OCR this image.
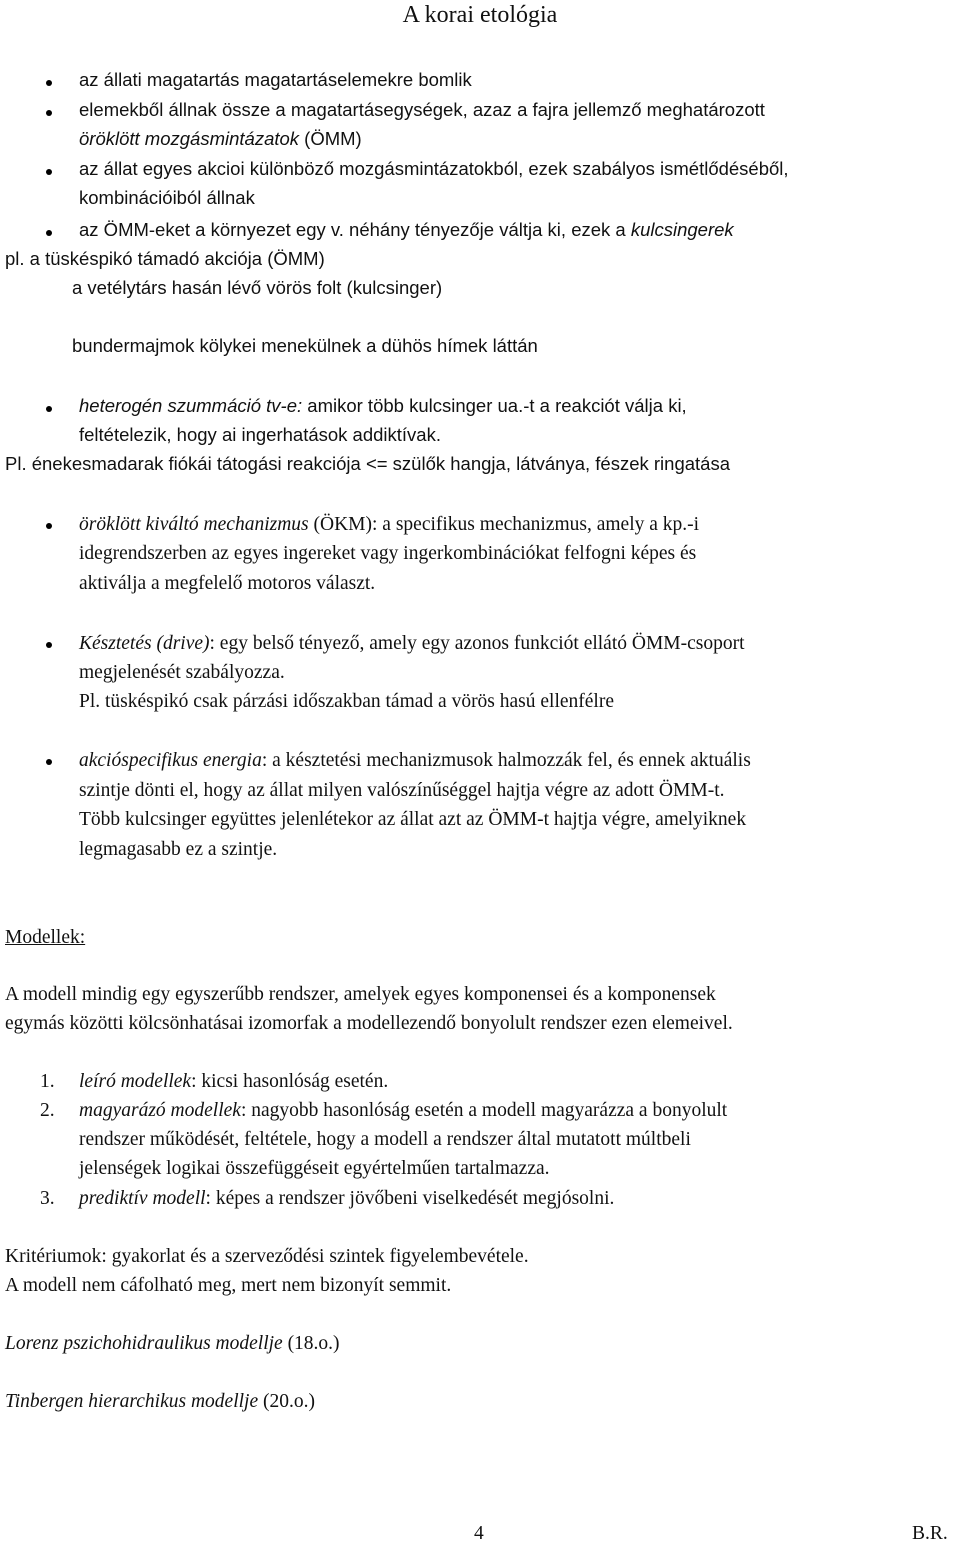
A korai etológia
az állati magatartás magatartáselemekre bomlik
elemekből állnak össze a magatartásegységek, azaz a fajra jellemző meghatározott
öröklött mozgásmintázatok (ÖMM)
az állat egyes akcioi különböző mozgásmintázatokból, ezek szabályos ismétlődéséből,
kombinációiból állnak
az ÖMM-eket a környezet egy v. néhány tényezője váltja ki, ezek a kulcsingerek
pl. a tüskéspikó támadó akciója (ÖMM)
a vetélytárs hasán lévő vörös folt (kulcsinger)
bundermajmok kölykei menekülnek a dühös hímek láttán
heterogén szummáció tv-e: amikor több kulcsinger ua.-t a reakciót válja ki,
feltételezik, hogy ai ingerhatások addiktívak.
Pl. énekesmadarak fiókái tátogási reakciója <= szülők hangja, látványa, fészek ringatása
öröklött kiváltó mechanizmus (ÖKM): a specifikus mechanizmus, amely a kp.-i
idegrendszerben az egyes ingereket vagy ingerkombinációkat felfogni képes és
aktiválja a megfelelő motoros választ.
Késztetés (drive): egy belső tényező, amely egy azonos funkciót ellátó ÖMM-csoport
megjelenését szabályozza.
Pl. tüskéspikó csak párzási időszakban támad a vörös hasú ellenfélre
akcióspecifikus energia: a késztetési mechanizmusok halmozzák fel, és ennek aktuális
szintje dönti el, hogy az állat milyen valószínűséggel hajtja végre az adott ÖMM-t.
Több kulcsinger együttes jelenlétekor az állat azt az ÖMM-t hajtja végre, amelyiknek
legmagasabb ez a szintje.
Modellek:
A modell mindig egy egyszerűbb rendszer, amelyek egyes komponensei és a komponensek
egymás közötti kölcsönhatásai izomorfak a modellezendő bonyolult rendszer ezen elemeivel.
1. leíró modellek: kicsi hasonlóság esetén.
2. magyarázó modellek: nagyobb hasonlóság esetén a modell magyarázza a bonyolult
rendszer működését, feltétele, hogy a modell a rendszer által mutatott múltbeli
jelenségek logikai összefüggéseit egyértelműen tartalmazza.
3. prediktív modell: képes a rendszer jövőbeni viselkedését megjósolni.
Kritériumok: gyakorlat és a szerveződési szintek figyelembevétele.
A modell nem cáfolható meg, mert nem bizonyít semmit.
Lorenz pszichohidraulikus modellje (18.o.)
Tinbergen hierarchikus modellje (20.o.)
4	B.R.
